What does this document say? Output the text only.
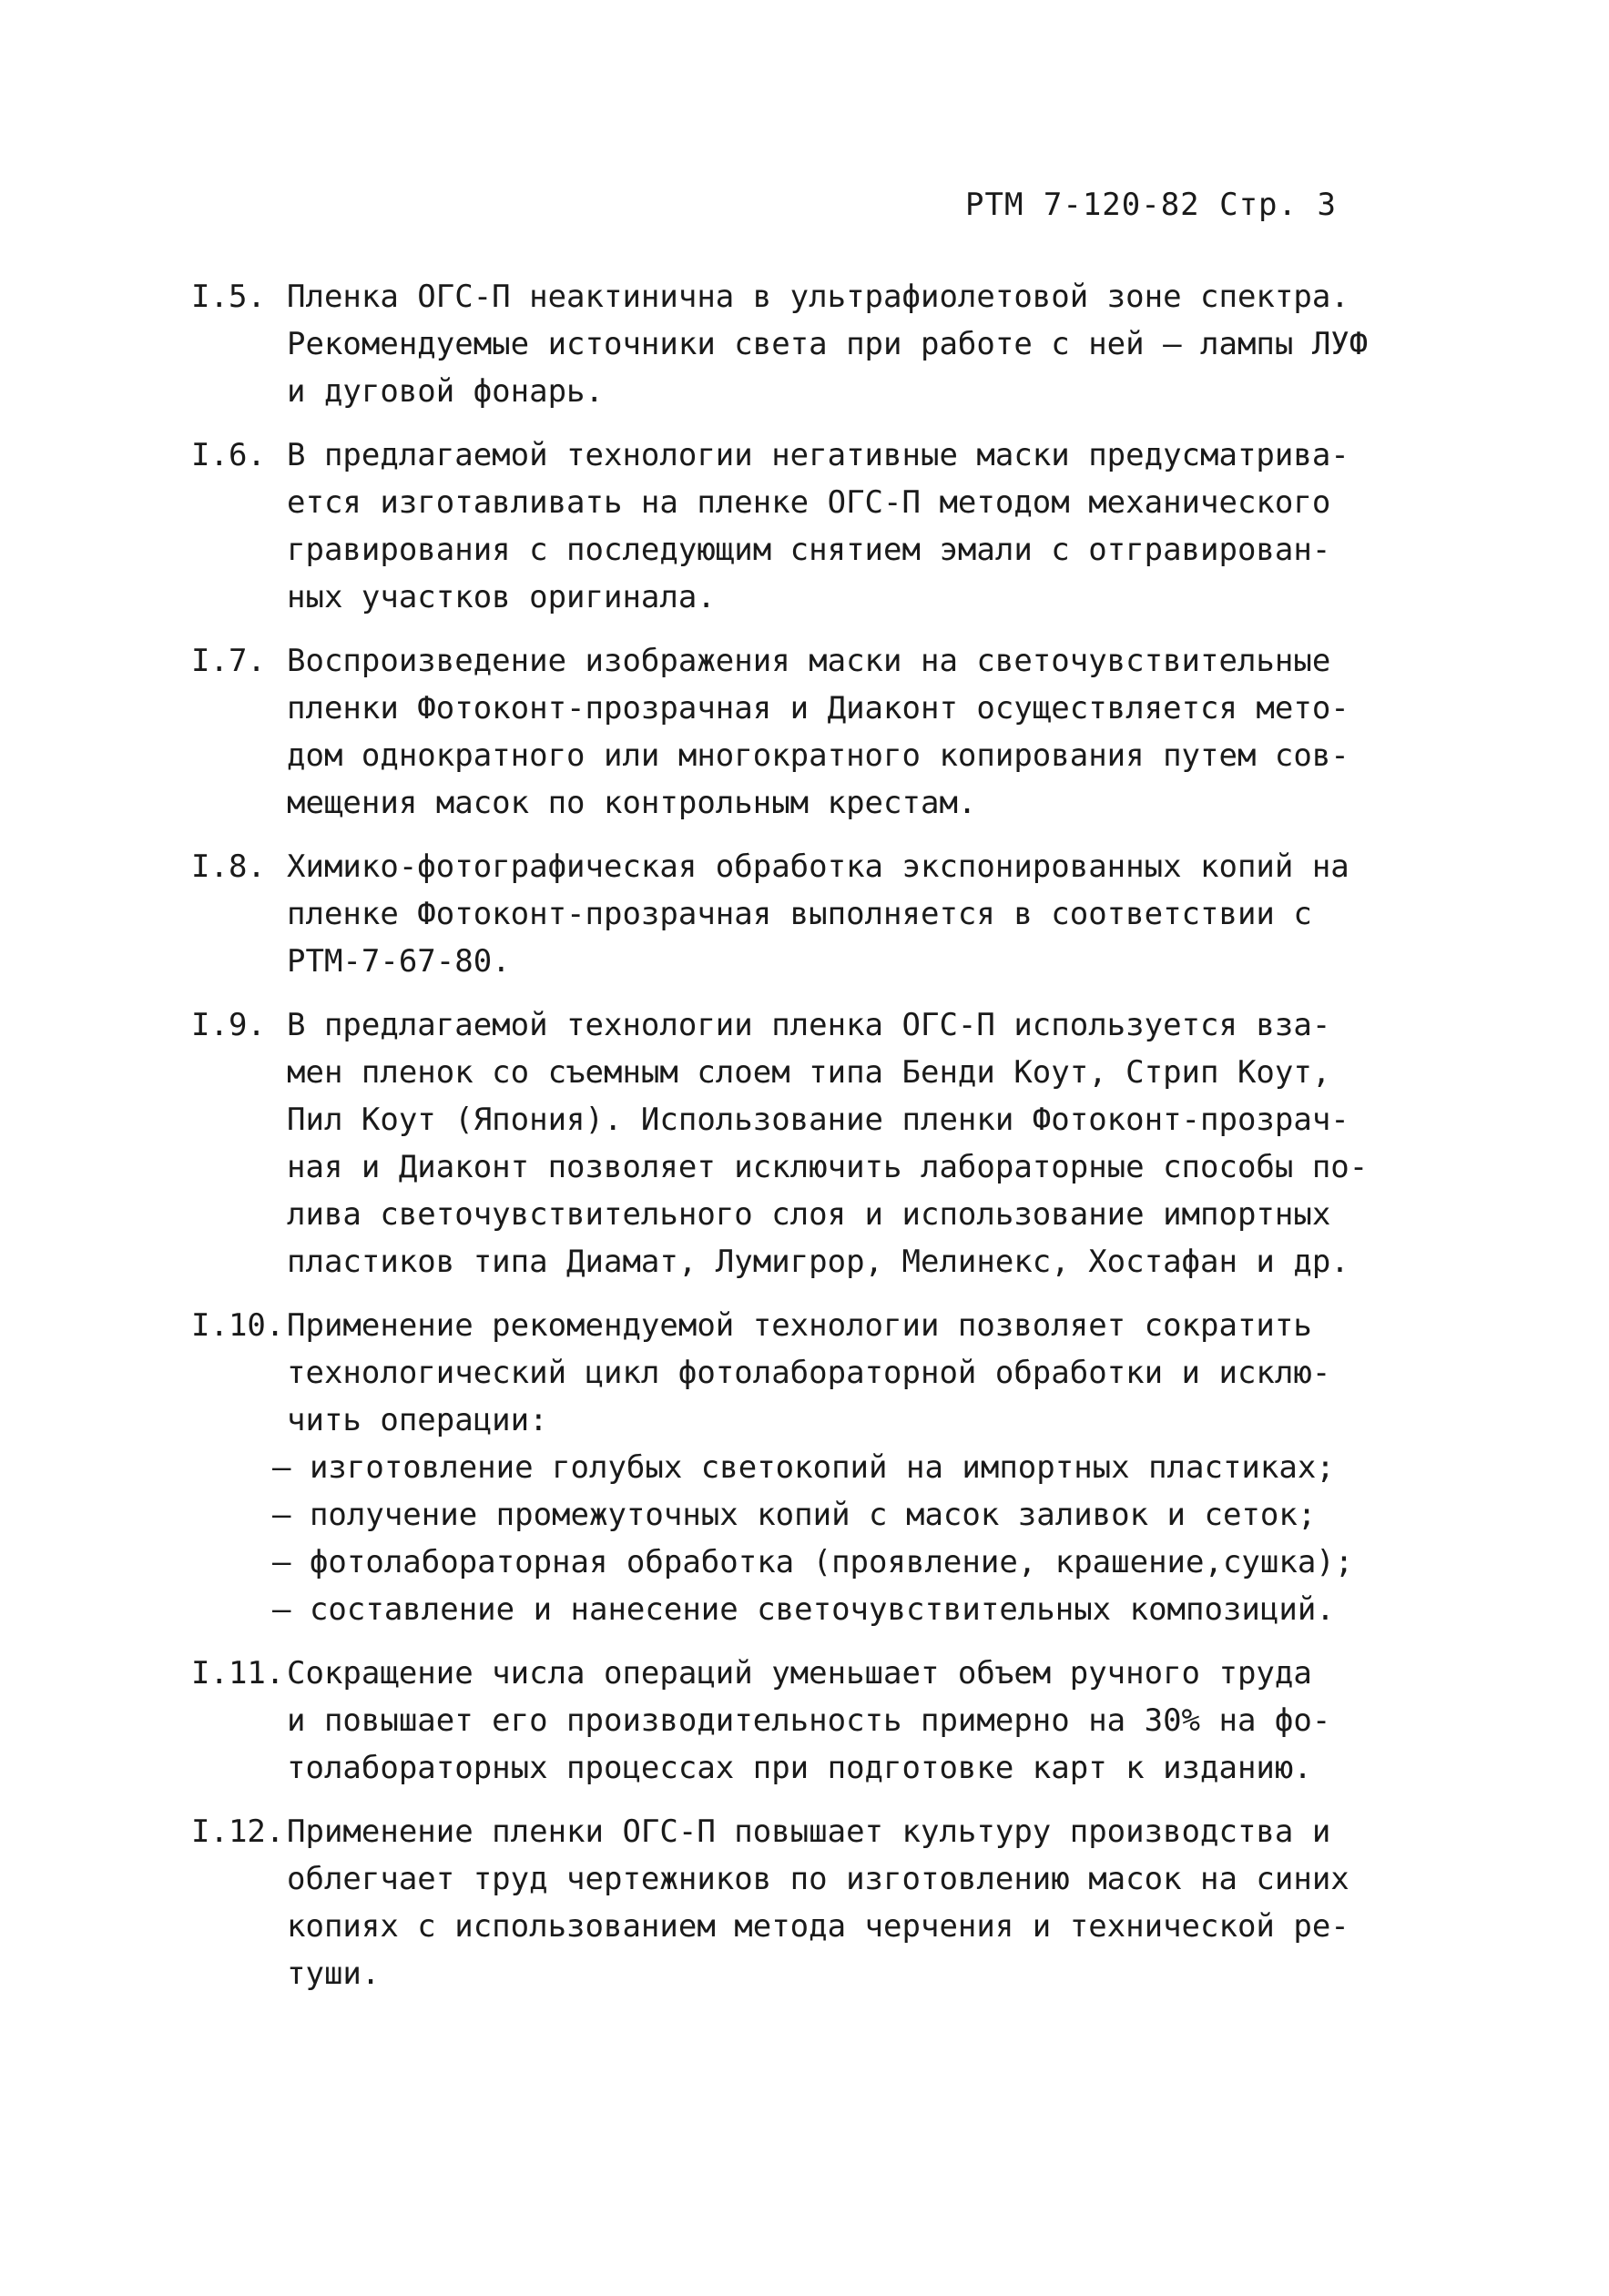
РТМ 7-120-82 Стр. 3
I.5. Пленка ОГС-П неактинична в ультрафиолетовой зоне спектра.
Рекомендуемые источники света при работе с ней – лампы ЛУФ
и дуговой фонарь.
I.6. В предлагаемой технологии негативные маски предусматрива-
ется изготавливать на пленке ОГС-П методом механического
гравирования с последующим снятием эмали с отгравирован-
ных участков оригинала.
I.7. Воспроизведение изображения маски на светочувствительные
пленки Фотоконт-прозрачная и Диаконт осуществляется мето-
дом однократного или многократного копирования путем сов-
мещения масок по контрольным крестам.
I.8. Химико-фотографическая обработка экспонированных копий на
пленке Фотоконт-прозрачная выполняется в соответствии с
РТМ-7-67-80.
I.9. В предлагаемой технологии пленка ОГС-П используется вза-
мен пленок со съемным слоем типа Бенди Коут, Стрип Коут,
Пил Коут (Япония). Использование пленки Фотоконт-прозрач-
ная и Диаконт позволяет исключить лабораторные способы по-
лива светочувствительного слоя и использование импортных
пластиков типа Диамат, Лумигрор, Мелинекс, Хостафан и др.
I.10. Применение рекомендуемой технологии позволяет сократить
технологический цикл фотолабораторной обработки и исклю-
чить операции:
– изготовление голубых светокопий на импортных пластиках;
– получение промежуточных копий с масок заливок и сеток;
– фотолабораторная обработка (проявление, крашение,сушка);
– составление и нанесение светочувствительных композиций.
I.11. Сокращение числа операций уменьшает объем ручного труда
и повышает его производительность примерно на 30% на фо-
толабораторных процессах при подготовке карт к изданию.
I.12. Применение пленки ОГС-П повышает культуру производства и
облегчает труд чертежников по изготовлению масок на синих
копиях с использованием метода черчения и технической ре-
туши.
